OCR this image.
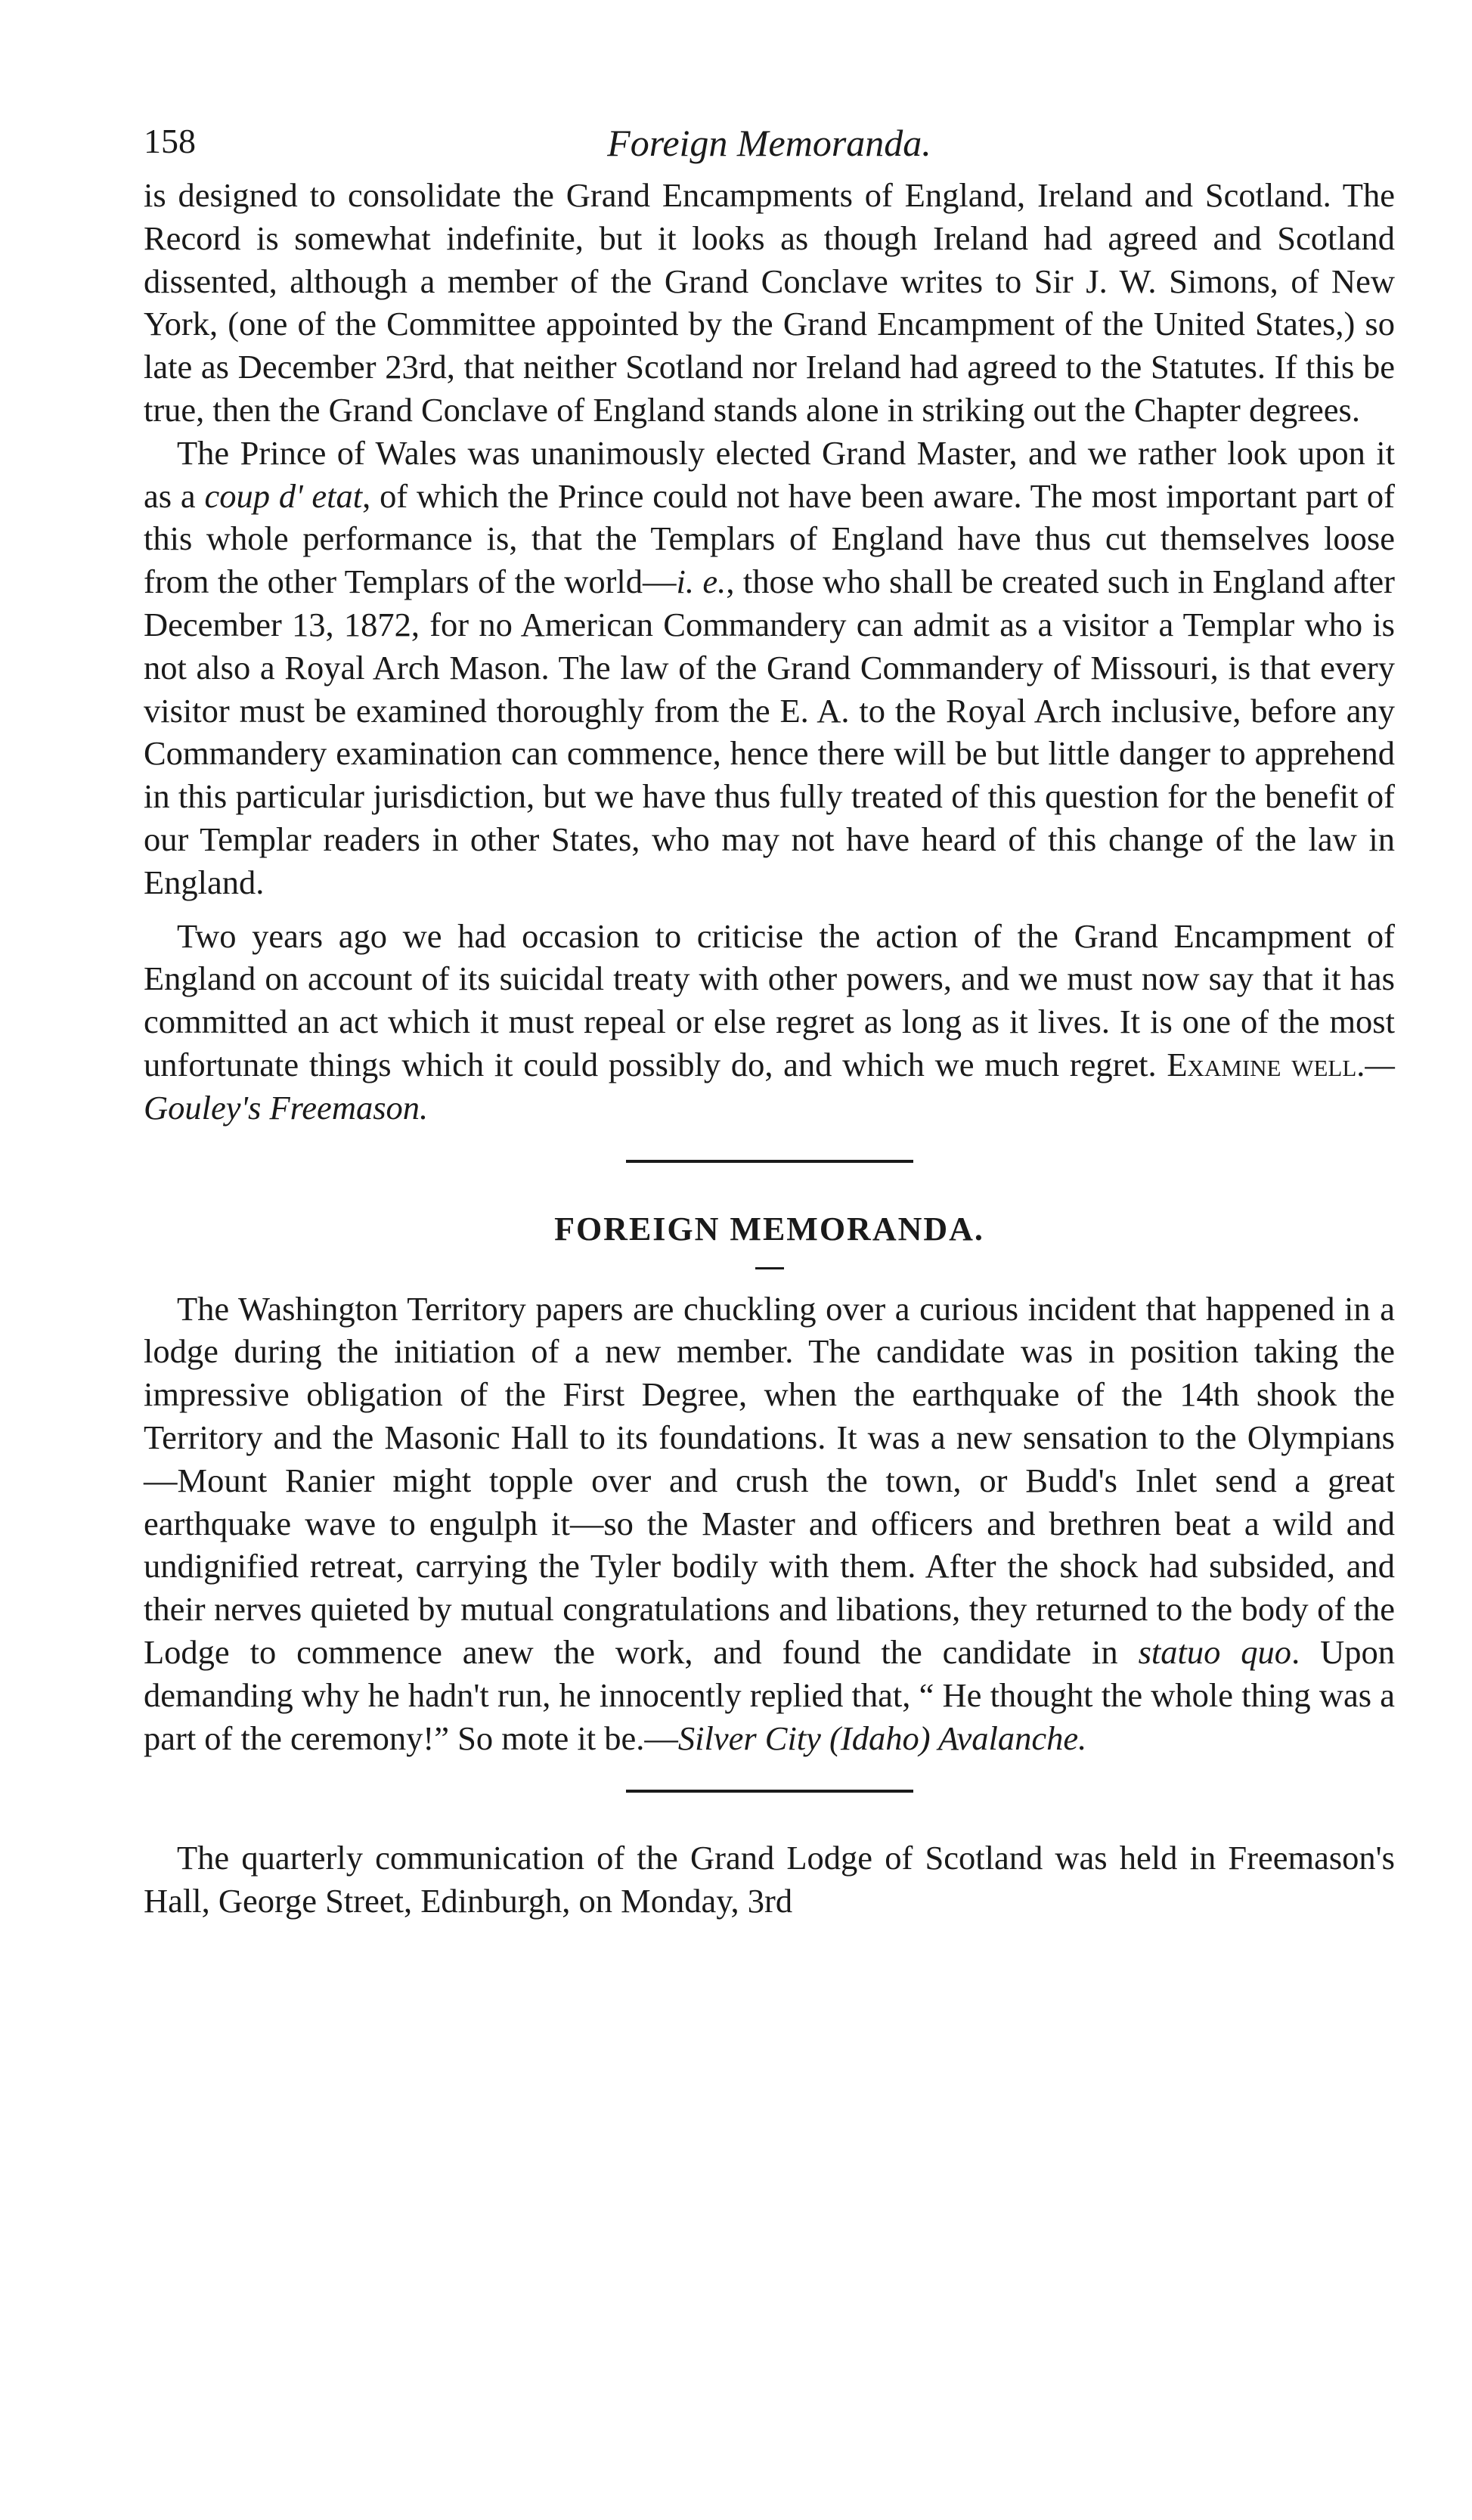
158	Foreign Memoranda.

is designed to consolidate the Grand Encampments of England, Ireland and Scotland. The Record is somewhat indefinite, but it looks as though Ireland had agreed and Scotland dissented, although a member of the Grand Conclave writes to Sir J. W. Simons, of New York, (one of the Committee appointed by the Grand Encampment of the United States,) so late as December 23rd, that neither Scotland nor Ireland had agreed to the Statutes. If this be true, then the Grand Conclave of England stands alone in striking out the Chapter degrees.

The Prince of Wales was unanimously elected Grand Master, and we rather look upon it as a coup d' etat, of which the Prince could not have been aware. The most important part of this whole performance is, that the Templars of England have thus cut themselves loose from the other Templars of the world—i. e., those who shall be created such in England after December 13, 1872, for no American Commandery can admit as a visitor a Templar who is not also a Royal Arch Mason. The law of the Grand Commandery of Missouri, is that every visitor must be examined thoroughly from the E. A. to the Royal Arch inclusive, before any Commandery examination can commence, hence there will be but little danger to apprehend in this particular jurisdiction, but we have thus fully treated of this question for the benefit of our Templar readers in other States, who may not have heard of this change of the law in England.

Two years ago we had occasion to criticise the action of the Grand Encampment of England on account of its suicidal treaty with other powers, and we must now say that it has committed an act which it must repeal or else regret as long as it lives. It is one of the most unfortunate things which it could possibly do, and which we much regret. Examine well.—Gouley's Freemason.

FOREIGN MEMORANDA.

The Washington Territory papers are chuckling over a curious incident that happened in a lodge during the initiation of a new member. The candidate was in position taking the impressive obligation of the First Degree, when the earthquake of the 14th shook the Territory and the Masonic Hall to its foundations. It was a new sensation to the Olympians—Mount Ranier might topple over and crush the town, or Budd's Inlet send a great earthquake wave to engulph it—so the Master and officers and brethren beat a wild and undignified retreat, carrying the Tyler bodily with them. After the shock had subsided, and their nerves quieted by mutual congratulations and libations, they returned to the body of the Lodge to commence anew the work, and found the candidate in statuo quo. Upon demanding why he hadn't run, he innocently replied that, “ He thought the whole thing was a part of the ceremony!” So mote it be.—Silver City (Idaho) Avalanche.

The quarterly communication of the Grand Lodge of Scotland was held in Freemason's Hall, George Street, Edinburgh, on Monday, 3rd
